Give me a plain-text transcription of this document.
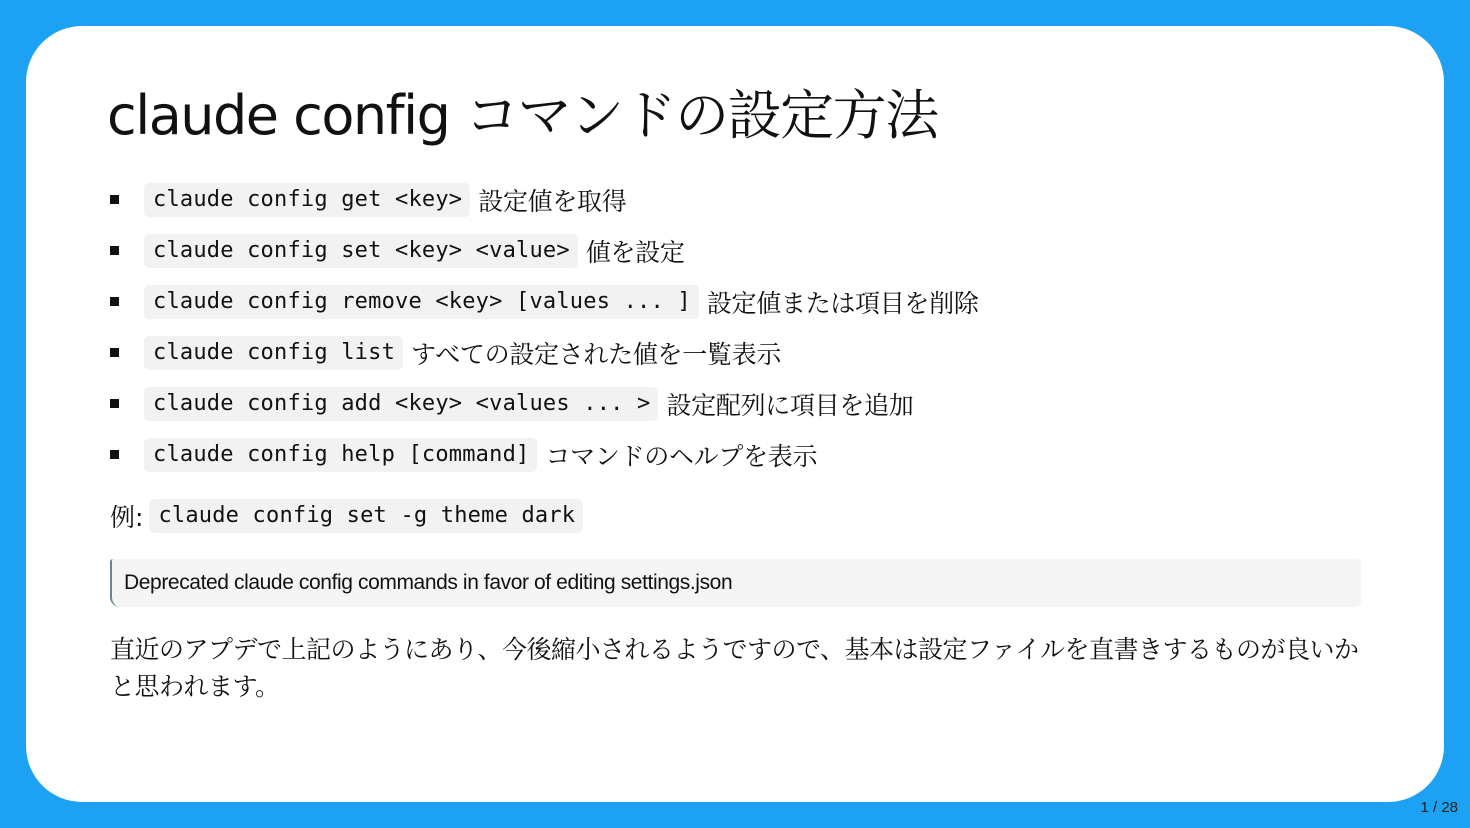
claude config コマンドの設定方法
claude config get <key> 設定値を取得
claude config set <key> <value> 値を設定
claude config remove <key> [values ... ] 設定値または項目を削除
claude config list すべての設定された値を一覧表示
claude config add <key> <values ... > 設定配列に項目を追加
claude config help [command] コマンドのヘルプを表示
例: claude config set -g theme dark
Deprecated claude config commands in favor of editing settings.json

直近のアプデで上記のようにあり、今後縮小されるようですので、基本は設定ファイルを直書きするものが良いかと思われます。

1 / 28
